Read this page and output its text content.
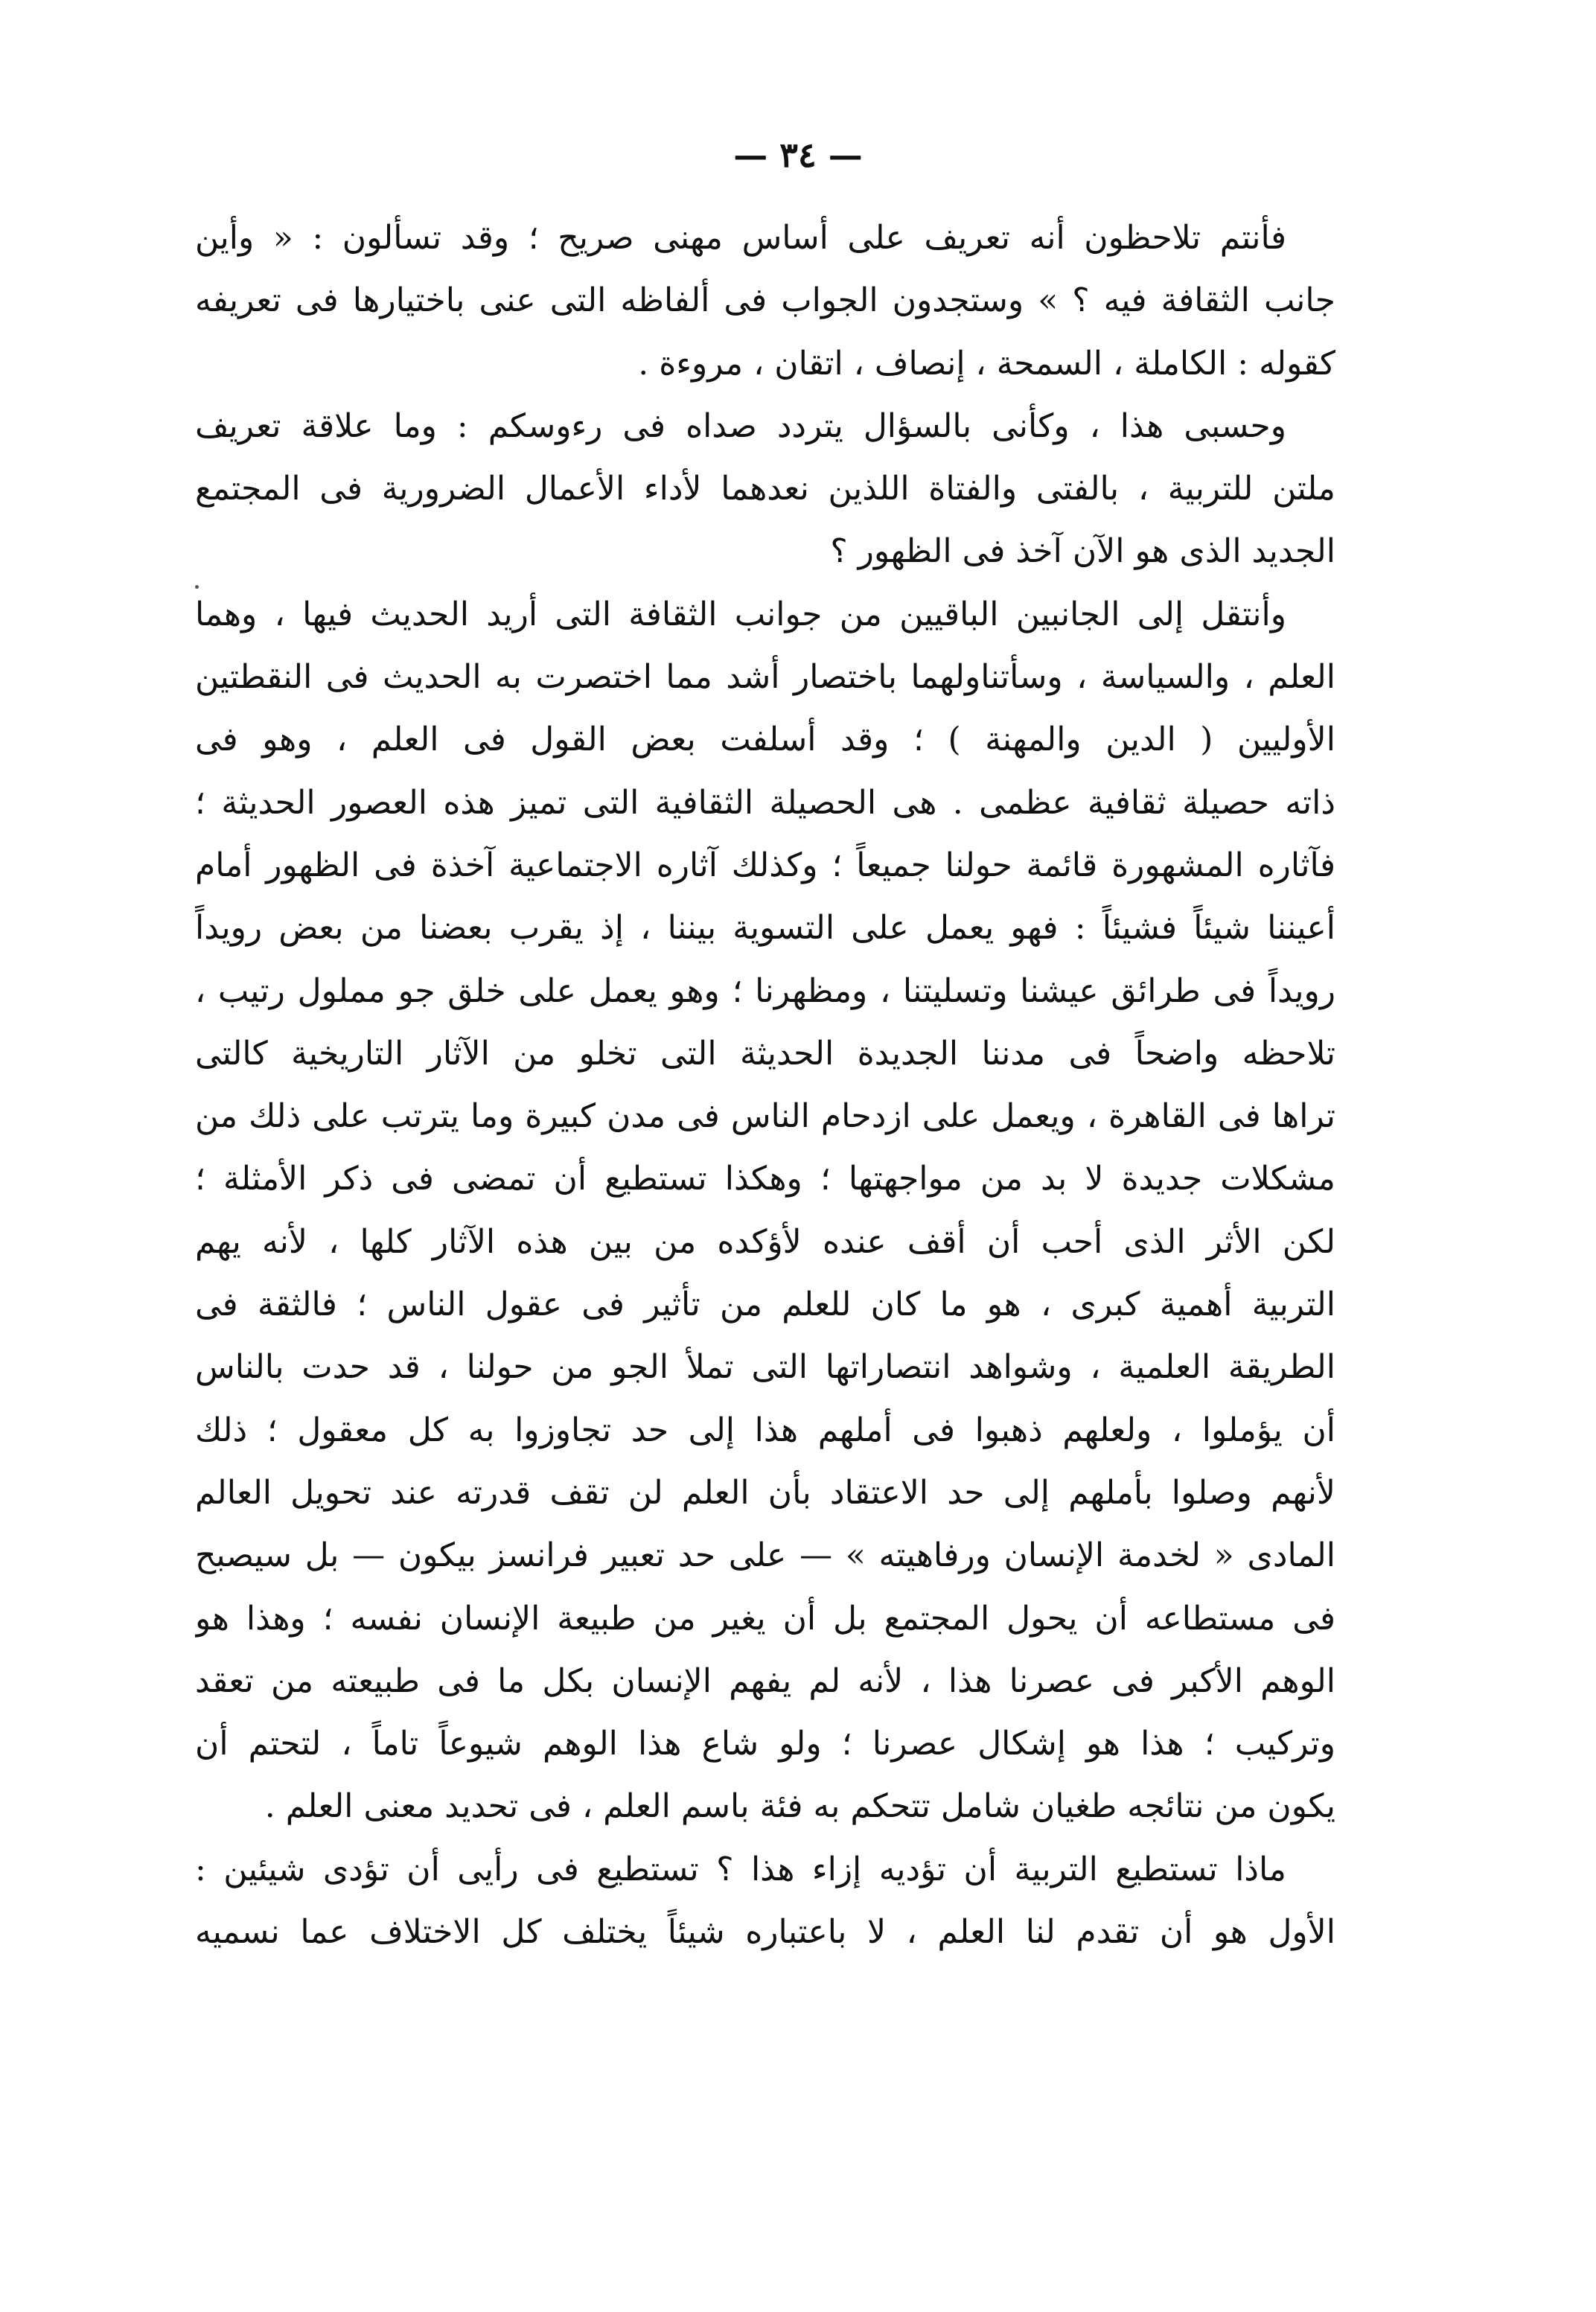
— ٣٤ —
فأنتم تلاحظون أنه تعريف على أساس مهنى صريح ؛ وقد تسألون : « وأين
جانب الثقافة فيه ؟ » وستجدون الجواب فى ألفاظه التى عنى باختيارها فى تعريفه
كقوله : الكاملة ، السمحة ، إنصاف ، اتقان ، مروءة .
وحسبى هذا ، وكأنى بالسؤال يتردد صداه فى رءوسكم : وما علاقة تعريف
ملتن للتربية ، بالفتى والفتاة اللذين نعدهما لأداء الأعمال الضرورية فى المجتمع
الجديد الذى هو الآن آخذ فى الظهور ؟
وأنتقل إلى الجانبين الباقيين من جوانب الثقافة التى أريد الحديث فيها ، وهما
العلم ، والسياسة ، وسأتناولهما باختصار أشد مما اختصرت به الحديث فى النقطتين
الأوليين ( الدين والمهنة ) ؛ وقد أسلفت بعض القول فى العلم ، وهو فى
ذاته حصيلة ثقافية عظمى . هى الحصيلة الثقافية التى تميز هذه العصور الحديثة ؛
فآثاره المشهورة قائمة حولنا جميعاً ؛ وكذلك آثاره الاجتماعية آخذة فى الظهور أمام
أعيننا شيئاً فشيئاً : فهو يعمل على التسوية بيننا ، إذ يقرب بعضنا من بعض رويداً
رويداً فى طرائق عيشنا وتسليتنا ، ومظهرنا ؛ وهو يعمل على خلق جو مملول رتيب ،
تلاحظه واضحاً فى مدننا الجديدة الحديثة التى تخلو من الآثار التاريخية كالتى
تراها فى القاهرة ، ويعمل على ازدحام الناس فى مدن كبيرة وما يترتب على ذلك من
مشكلات جديدة لا بد من مواجهتها ؛ وهكذا تستطيع أن تمضى فى ذكر الأمثلة ؛
لكن الأثر الذى أحب أن أقف عنده لأؤكده من بين هذه الآثار كلها ، لأنه يهم
التربية أهمية كبرى ، هو ما كان للعلم من تأثير فى عقول الناس ؛ فالثقة فى
الطريقة العلمية ، وشواهد انتصاراتها التى تملأ الجو من حولنا ، قد حدت بالناس
أن يؤملوا ، ولعلهم ذهبوا فى أملهم هذا إلى حد تجاوزوا به كل معقول ؛ ذلك
لأنهم وصلوا بأملهم إلى حد الاعتقاد بأن العلم لن تقف قدرته عند تحويل العالم
المادى « لخدمة الإنسان ورفاهيته » — على حد تعبير فرانسز بيكون — بل سيصبح
فى مستطاعه أن يحول المجتمع بل أن يغير من طبيعة الإنسان نفسه ؛ وهذا هو
الوهم الأكبر فى عصرنا هذا ، لأنه لم يفهم الإنسان بكل ما فى طبيعته من تعقد
وتركيب ؛ هذا هو إشكال عصرنا ؛ ولو شاع هذا الوهم شيوعاً تاماً ، لتحتم أن
يكون من نتائجه طغيان شامل تتحكم به فئة باسم العلم ، فى تحديد معنى العلم .
ماذا تستطيع التربية أن تؤديه إزاء هذا ؟ تستطيع فى رأيى أن تؤدى شيئين :
الأول هو أن تقدم لنا العلم ، لا باعتباره شيئاً يختلف كل الاختلاف عما نسميه
